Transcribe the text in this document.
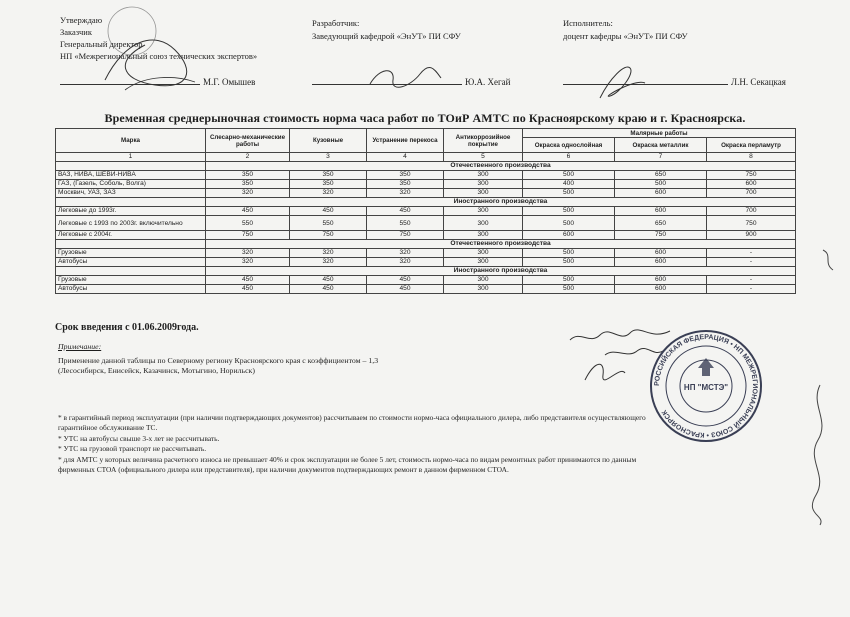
Утверждаю
Заказчик
Генеральный директор
НП «Межрегиональный союз технических экспертов»
М.Г. Омышев
Разработчик:
Заведующий кафедрой «ЭнУТ» ПИ СФУ
Ю.А. Хегай
Исполнитель:
доцент кафедры «ЭнУТ» ПИ СФУ
Л.Н. Секацкая
Временная среднерыночная стоимость норма часа работ по ТОиР АМТС по Красноярскому краю и г. Красноярска.
Марка	Слесарно-механические работы	Кузовные	Устранение перекоса	Антикоррозийное покрытие	Малярные работы		
					Окраска однослойная	Окраска металлик	Окраска перламутр
1	2	3	4	5	6	7	8
	Отечественного производства						
ВАЗ, НИВА, ШЕВИ-НИВА	350	350	350	300	500	650	750
ГАЗ, (Газель, Соболь, Волга)	350	350	350	300	400	500	600
Москвич, УАЗ, ЗАЗ	320	320	320	300	500	600	700
	Иностранного производства						
Легковые до 1993г.	450	450	450	300	500	600	700
Легковые с 1993 по 2003г. включительно	550	550	550	300	500	650	750
Легковые с 2004г.	750	750	750	300	600	750	900
	Отечественного производства						
Грузовые	320	320	320	300	500	600	-
Автобусы	320	320	320	300	500	600	-
	Иностранного производства						
Грузовые	450	450	450	300	500	600	-
Автобусы	450	450	450	300	500	600	-
Срок введения с 01.06.2009года.
Примечание:
Применение данной таблицы по Северному региону Красноярского края с коэффициентом – 1,3
(Лесосибирск, Енисейск, Казачинск, Мотыгино, Норильск)
* в гарантийный период эксплуатации (при наличии подтверждающих документов) рассчитываем по стоимости нормо-часа официального дилера, либо представителя осуществляющего
гарантийное обслуживание ТС.
* УТС на автобусы свыше 3-х лет не рассчитывать.
* УТС на грузовой транспорт не рассчитывать.
* для АМТС у которых величина расчетного износа не превышает 40% и срок эксплуатации не более 5 лет, стоимость нормо-часа по видам ремонтных работ принимаются по данным
фирменных СТОА (официального дилера или представителя), при наличии документов подтверждающих ремонт в данном фирменном СТОА.
РОССИЙСКАЯ ФЕДЕРАЦИЯ • НП МЕЖРЕГИОНАЛЬНЫЙ СОЮЗ • КРАСНОЯРСК
НП "МСТЭ"
